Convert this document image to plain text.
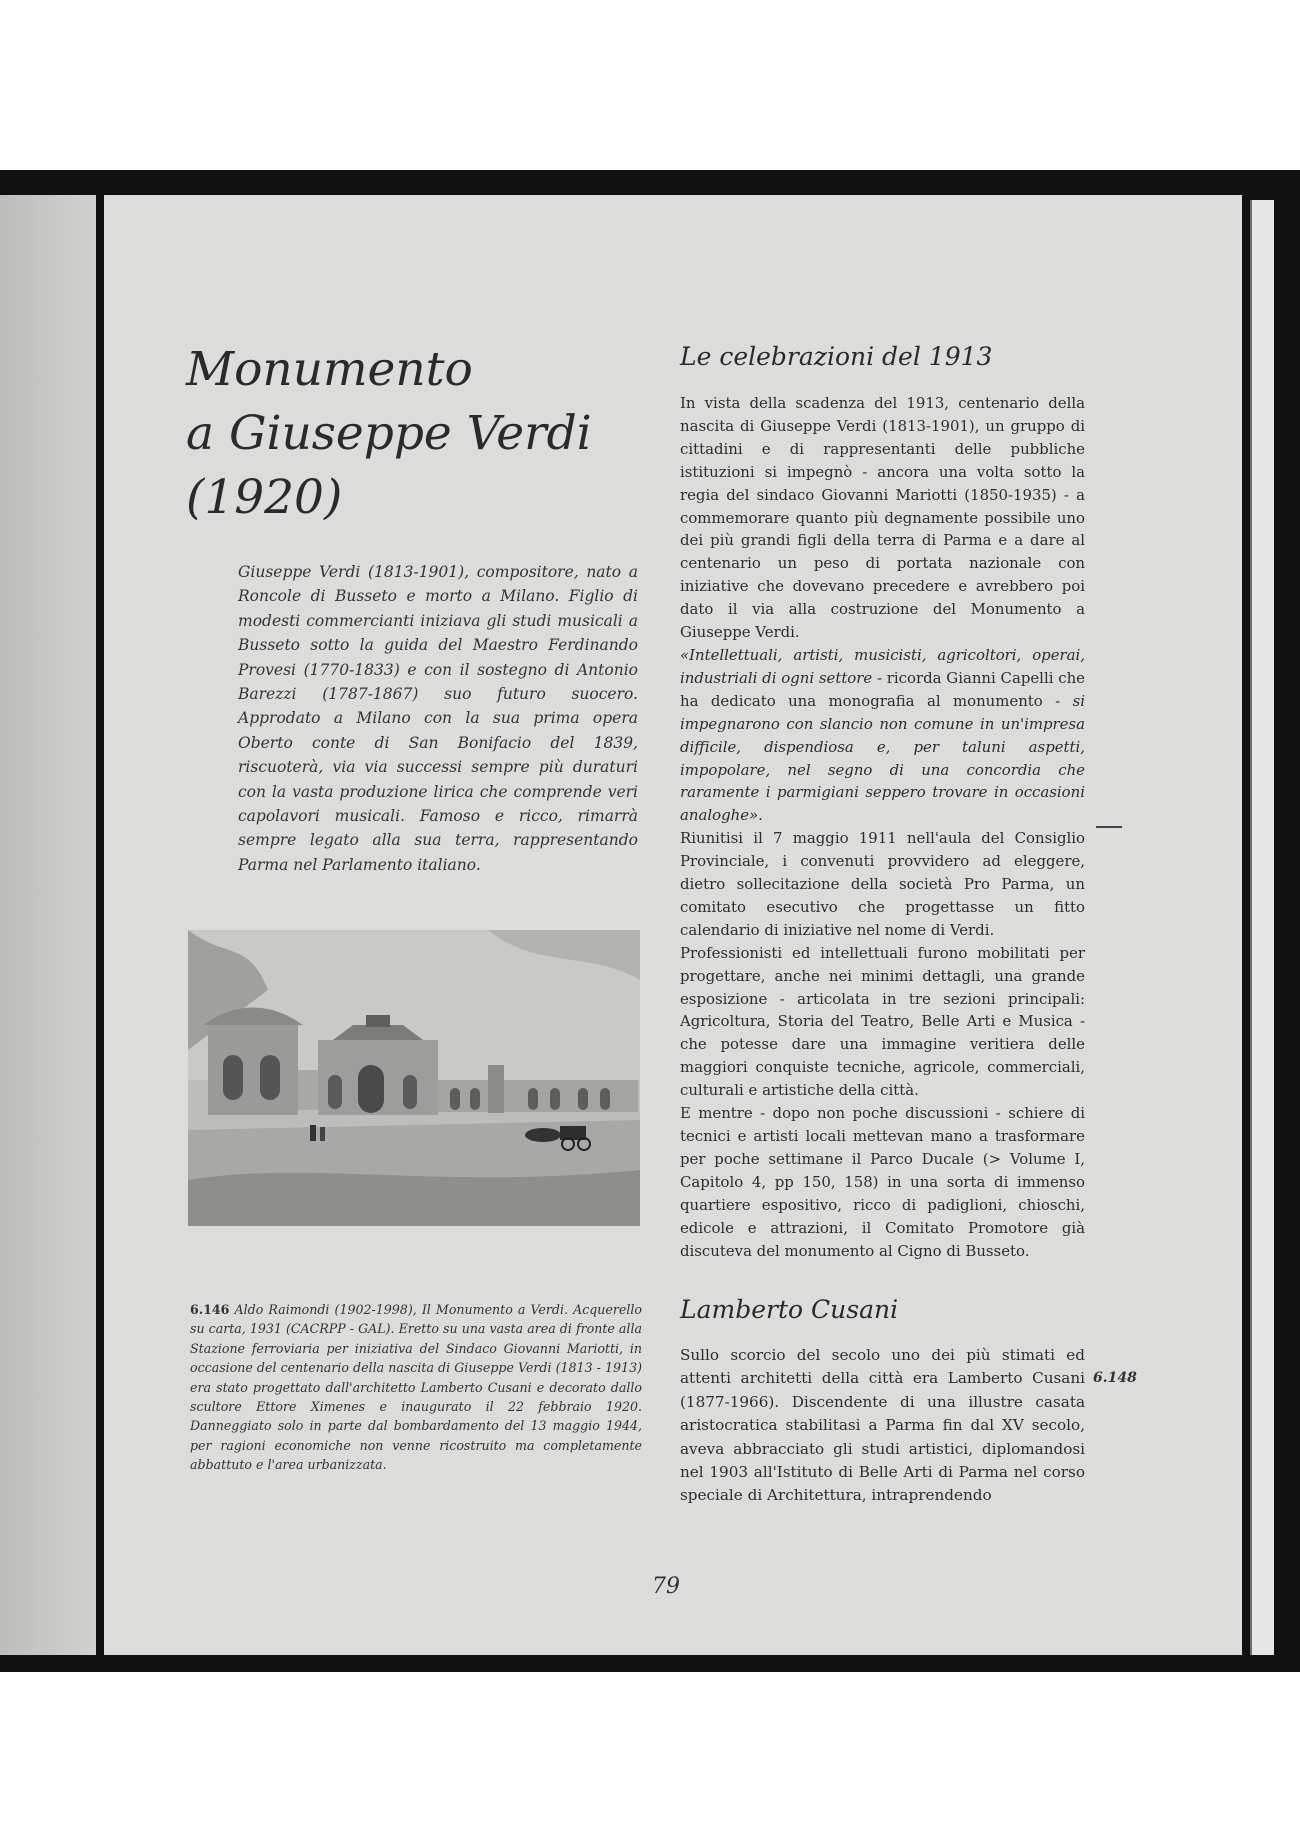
Monumento
a Giuseppe Verdi
(1920)

Giuseppe Verdi (1813-1901), compositore, nato a Roncole di Busseto e morto a Milano. Figlio di modesti commercianti iniziava gli studi musicali a Busseto sotto la guida del Maestro Ferdinando Provesi (1770-1833) e con il sostegno di Antonio Barezzi (1787-1867) suo futuro suocero. Approdato a Milano con la sua prima opera Oberto conte di San Bonifacio del 1839, riscuoterà, via via successi sempre più duraturi con la vasta produzione lirica che comprende veri capolavori musicali. Famoso e ricco, rimarrà sempre legato alla sua terra, rappresentando Parma nel Parlamento italiano.

6.146 Aldo Raimondi (1902-1998), Il Monumento a Verdi. Acquerello su carta, 1931 (CACRPP - GAL). Eretto su una vasta area di fronte alla Stazione ferroviaria per iniziativa del Sindaco Giovanni Mariotti, in occasione del centenario della nascita di Giuseppe Verdi (1813 - 1913) era stato progettato dall'architetto Lamberto Cusani e decorato dallo scultore Ettore Ximenes e inaugurato il 22 febbraio 1920. Danneggiato solo in parte dal bombardamento del 13 maggio 1944, per ragioni economiche non venne ricostruito ma completamente abbattuto e l'area urbanizzata.

Le celebrazioni del 1913

In vista della scadenza del 1913, centenario della nascita di Giuseppe Verdi (1813-1901), un gruppo di cittadini e di rappresentanti delle pubbliche istituzioni si impegnò - ancora una volta sotto la regia del sindaco Giovanni Mariotti (1850-1935) - a commemorare quanto più degnamente possibile uno dei più grandi figli della terra di Parma e a dare al centenario un peso di portata nazionale con iniziative che dovevano precedere e avrebbero poi dato il via alla costruzione del Monumento a Giuseppe Verdi.

«Intellettuali, artisti, musicisti, agricoltori, operai, industriali di ogni settore - ricorda Gianni Capelli che ha dedicato una monografia al monumento - si impegnarono con slancio non comune in un'impresa difficile, dispendiosa e, per taluni aspetti, impopolare, nel segno di una concordia che raramente i parmigiani seppero trovare in occasioni analoghe».

Riunitisi il 7 maggio 1911 nell'aula del Consiglio Provinciale, i convenuti provvidero ad eleggere, dietro sollecitazione della società Pro Parma, un comitato esecutivo che progettasse un fitto calendario di iniziative nel nome di Verdi.

Professionisti ed intellettuali furono mobilitati per progettare, anche nei minimi dettagli, una grande esposizione - articolata in tre sezioni principali: Agricoltura, Storia del Teatro, Belle Arti e Musica - che potesse dare una immagine veritiera delle maggiori conquiste tecniche, agricole, commerciali, culturali e artistiche della città.

E mentre - dopo non poche discussioni - schiere di tecnici e artisti locali mettevan mano a trasformare per poche settimane il Parco Ducale (> Volume I, Capitolo 4, pp 150, 158) in una sorta di immenso quartiere espositivo, ricco di padiglioni, chioschi, edicole e attrazioni, il Comitato Promotore già discuteva del monumento al Cigno di Busseto.

Lamberto Cusani

Sullo scorcio del secolo uno dei più stimati ed attenti architetti della città era Lamberto Cusani (1877-1966). Discendente di una illustre casata aristocratica stabilitasi a Parma fin dal XV secolo, aveva abbracciato gli studi artistici, diplomandosi nel 1903 all'Istituto di Belle Arti di Parma nel corso speciale di Architettura, intraprendendo

6.148
79
